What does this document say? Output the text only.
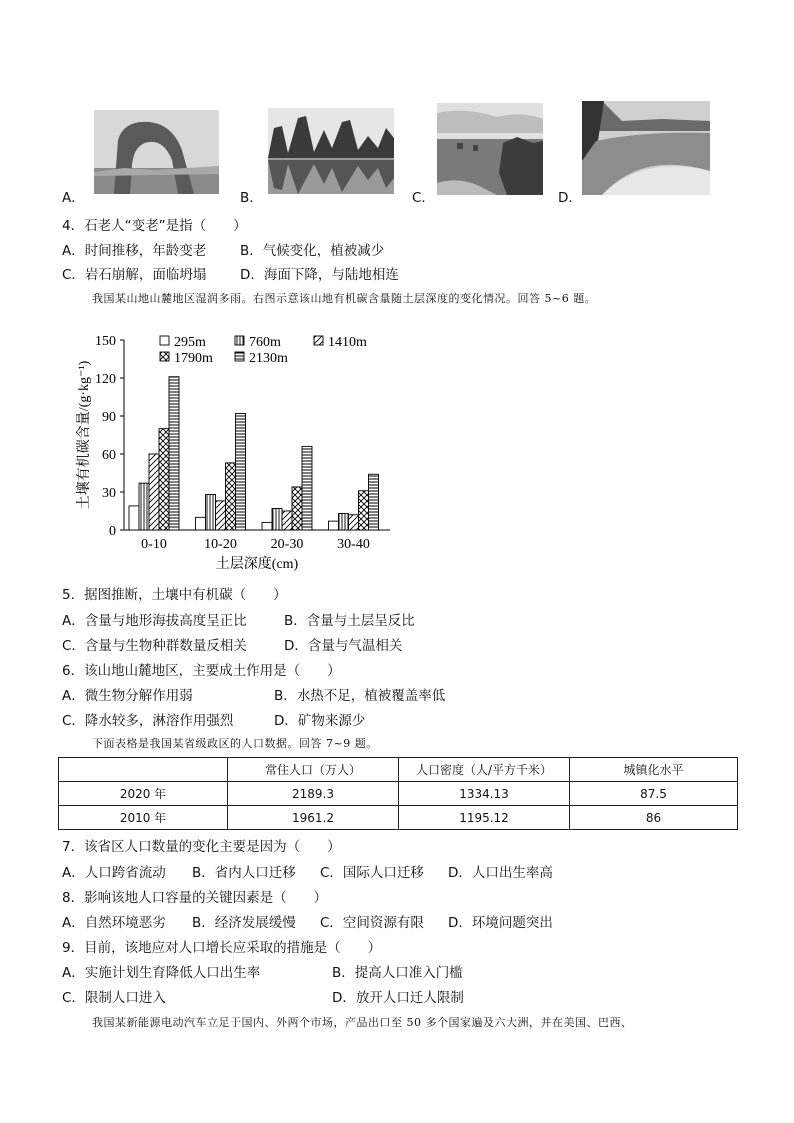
A．	B．	C．	D．
4．石老人“变老”是指（　　）
A．时间推移，年龄变老	B．气候变化，植被减少
C．岩石崩解，面临坍塌 D．海面下降，与陆地相连
我国某山地山麓地区湿润多雨。右图示意该山地有机碳含量随土层深度的变化情况。回答 5~6 题。
0
30
60
90
120
150
土壤有机碳含量/(g·kg⁻¹)
0-10	10-20 20-30 30-40
土层深度(cm)
295m	760m	1410m
1790m	2130m
5．据图推断，土壤中有机碳（　　）
A．含量与地形海拔高度呈正比	B．含量与土层呈反比
C．含量与生物种群数量反相关	D．含量与气温相关
6．该山地山麓地区，主要成土作用是（　　）
A．微生物分解作用弱	B．水热不足，植被覆盖率低
C．降水较多，淋溶作用强烈	D．矿物来源少
下面表格是我国某省级政区的人口数据。回答 7~9 题。
	常住人口（万人）	人口密度（人/平方千米）	城镇化水平
2020 年	2189.3	1334.13	87.5
2010 年	1961.2	1195.12	86
7．该省区人口数量的变化主要是因为（　　）
A．人口跨省流动 B．省内人口迁移 C．国际人口迁移 D．人口出生率高
8．影响该地人口容量的关键因素是（　　）
A．自然环境恶劣 B．经济发展缓慢 C．空间资源有限 D．环境问题突出
9．目前，该地应对人口增长应采取的措施是（　　）
A．实施计划生育降低人口出生率	B．提高人口准入门槛
C．限制人口进入	D．放开人口迁人限制
我国某新能源电动汽车立足于国内、外两个市场，产品出口至 50 多个国家遍及六大洲，并在美国、巴西、
